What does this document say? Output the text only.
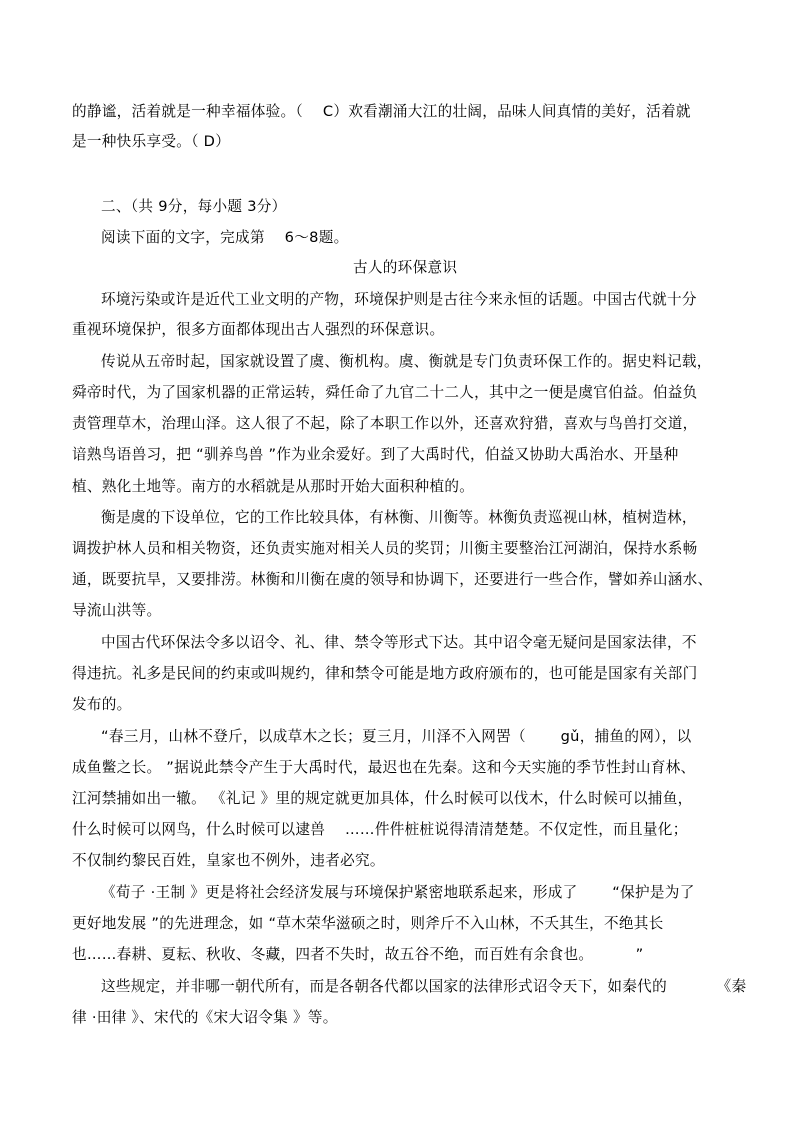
的静谧，活着就是一种幸福体验。（　 C）欢看潮涌大江的壮阔，品味人间真情的美好，活着就
是一种快乐享受。（ D）
二、（共 9分，每小题 3分）
阅读下面的文字，完成第　 6～8题。
古人的环保意识
环境污染或许是近代工业文明的产物，环境保护则是古往今来永恒的话题。中国古代就十分
重视环境保护，很多方面都体现出古人强烈的环保意识。
传说从五帝时起，国家就设置了虞、衡机构。虞、衡就是专门负责环保工作的。据史料记载，
舜帝时代，为了国家机器的正常运转，舜任命了九官二十二人，其中之一便是虞官伯益。伯益负
责管理草木，治理山泽。这人很了不起，除了本职工作以外，还喜欢狩猎，喜欢与鸟兽打交道，
谙熟鸟语兽习，把 “驯养鸟兽 ”作为业余爱好。到了大禹时代，伯益又协助大禹治水、开垦种
植、熟化土地等。南方的水稻就是从那时开始大面积种植的。
衡是虞的下设单位，它的工作比较具体，有林衡、川衡等。林衡负责巡视山林，植树造林，
调拨护林人员和相关物资，还负责实施对相关人员的奖罚；川衡主要整治江河湖泊，保持水系畅
通，既要抗旱，又要排涝。林衡和川衡在虞的领导和协调下，还要进行一些合作，譬如养山涵水、
导流山洪等。
中国古代环保法令多以诏令、礼、律、禁令等形式下达。其中诏令毫无疑问是国家法律，不
得违抗。礼多是民间的约束或叫规约，律和禁令可能是地方政府颁布的，也可能是国家有关部门
发布的。
“春三月，山林不登斤，以成草木之长；夏三月，川泽不入网罟（　　 gǔ，捕鱼的网），以
成鱼鳖之长。 ”据说此禁令产生于大禹时代，最迟也在先秦。这和今天实施的季节性封山育林、
江河禁捕如出一辙。 《礼记 》里的规定就更加具体，什么时候可以伐木，什么时候可以捕鱼，
什么时候可以网鸟，什么时候可以逮兽　 ……件件桩桩说得清清楚楚。不仅定性，而且量化；
不仅制约黎民百姓，皇家也不例外，违者必究。
《荀子 ·王制 》更是将社会经济发展与环境保护紧密地联系起来，形成了　　 “保护是为了
更好地发展 ”的先进理念，如 “草木荣华滋硕之时，则斧斤不入山林，不夭其生，不绝其长
也……春耕、夏耘、秋收、冬藏，四者不失时，故五谷不绝，而百姓有余食也。　　　 ”
这些规定，并非哪一朝代所有，而是各朝各代都以国家的法律形式诏令天下，如秦代的　　　 《秦
律 ·田律 》、宋代的《宋大诏令集 》等。
